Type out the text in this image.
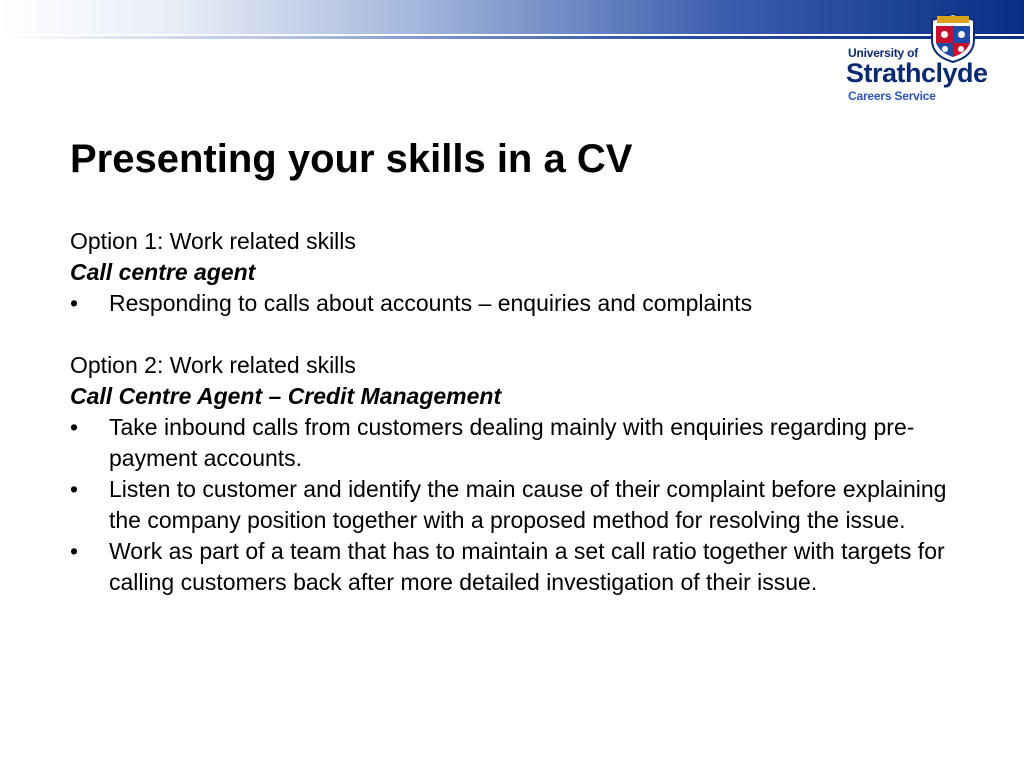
University of
Strathclyde
Careers Service
Presenting your skills in a CV
Option 1: Work related skills
Call centre agent
•	Responding to calls about accounts – enquiries and complaints
Option 2: Work related skills
Call Centre Agent – Credit Management
•	Take inbound calls from customers dealing mainly with enquiries regarding pre-payment accounts.
•	Listen to customer and identify the main cause of their complaint before explaining the company position together with a proposed method for resolving the issue.
•	Work as part of a team that has to maintain a set call ratio together with targets for calling customers back after more detailed investigation of their issue.
